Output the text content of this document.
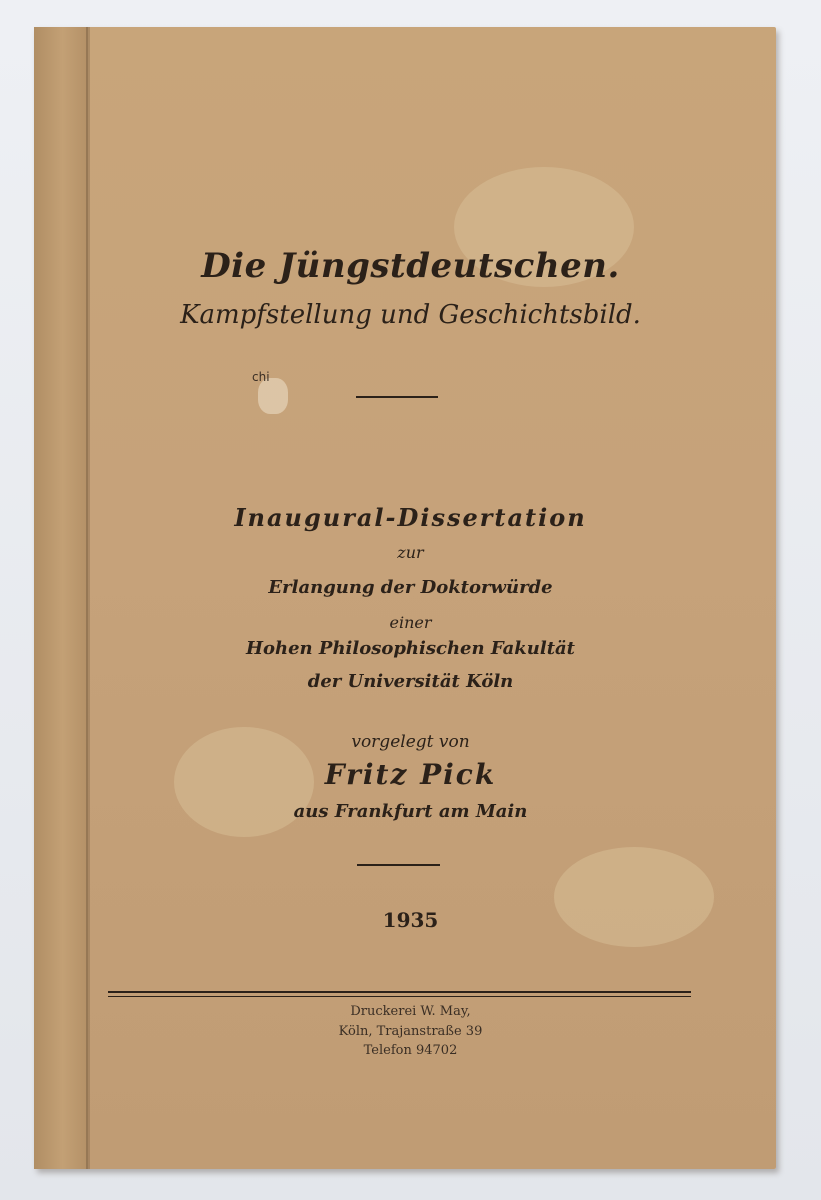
Die Jüngstdeutschen.
Kampfstellung und Geschichtsbild.
chi
Inaugural-Dissertation
zur
Erlangung der Doktorwürde
einer
Hohen Philosophischen Fakultät
der Universität Köln
vorgelegt von
Fritz Pick
aus Frankfurt am Main
1935
Druckerei W. May,
Köln, Trajanstraße 39
Telefon 94702
